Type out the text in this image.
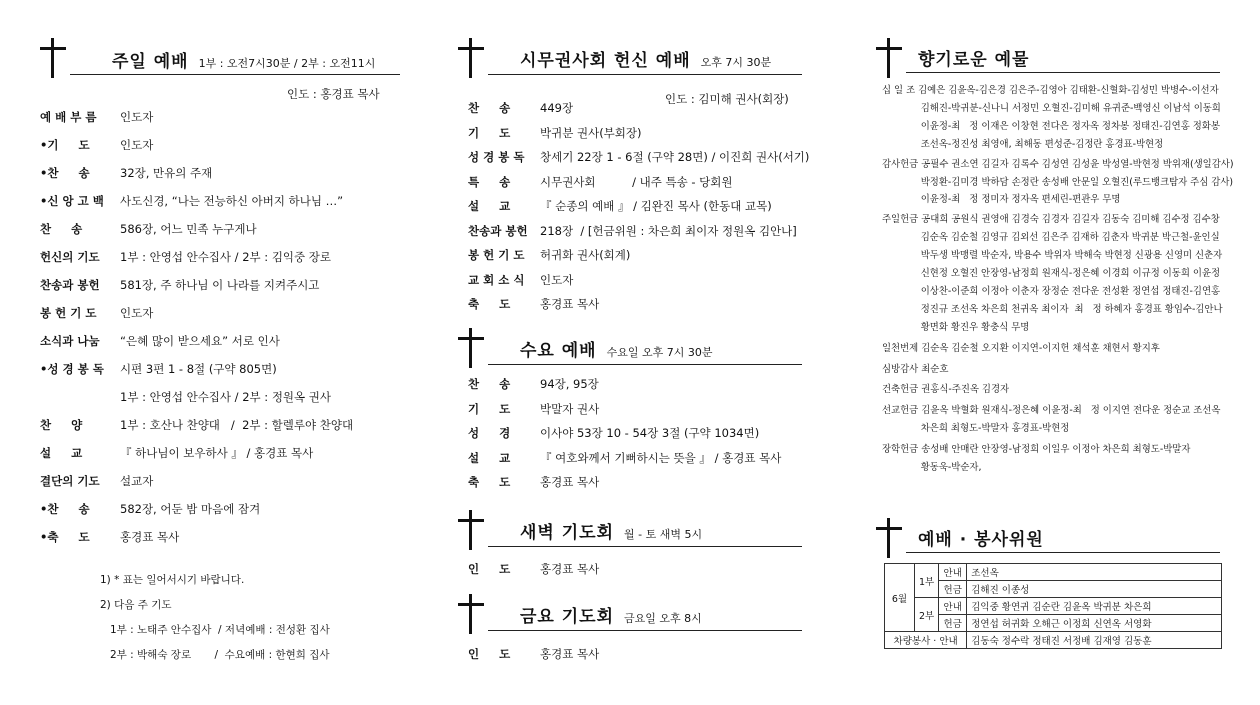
주일 예배 1부 : 오전7시30분 / 2부 : 오전11시
인도 : 홍경표 목사
예 배 부 름 인도자
•기     도	인도자
•찬     송	32장, 만유의 주재
•신 앙 고 백 사도신경, “나는 전능하신 아버지 하나님 …”
찬     송	586장, 어느 민족 누구게나
헌신의 기도 1부 : 안영섭 안수집사 / 2부 : 김익중 장로
찬송과 봉헌 581장, 주 하나님 이 나라를 지켜주시고
봉 헌 기 도 인도자
소식과 나눔 “은혜 많이 받으세요” 서로 인사
•성 경 봉 독 시편 3편 1 - 8절 (구약 805면)
1부 : 안영섭 안수집사 / 2부 : 정원옥 권사
찬     양	1부 : 호산나 찬양대   /  2부 : 할렐루야 찬양대
설     교	『 하나님이 보우하사 』 / 홍경표 목사
결단의 기도 설교자
•찬     송	582장, 어둔 밤 마음에 잠겨
•축     도	홍경표 목사
1) * 표는 일어서시기 바랍니다.
2) 다음 주 기도
1부 : 노태주 안수집사  / 저녁예배 : 전성환 집사
2부 : 박해숙 장로       /  수요예배 : 한현희 집사
시무권사회 헌신 예배 오후 7시 30분
인도 : 김미해 권사(회장)
찬     송	449장
기     도	박귀분 권사(부회장)
성 경 봉 독 창세기 22장 1 - 6절 (구약 28면) / 이진희 권사(서기)
특     송	시무권사회          / 내주 특송 - 당회원
설     교	『 순종의 예배 』 / 김완진 목사 (한동대 교목)
찬송과 봉헌 218장  / [헌금위원 : 차은희 최이자 정원옥 김안나]
봉 헌 기 도 허귀화 권사(회계)
교 회 소 식 인도자
축     도	홍경표 목사
수요 예배 수요일 오후 7시 30분
찬     송	94장, 95장
기     도	박말자 권사
성     경	이사야 53장 10 - 54장 3절 (구약 1034면)
설     교	『 여호와께서 기뻐하시는 뜻을 』 / 홍경표 목사
축     도	홍경표 목사
새벽 기도회 월 - 토 새벽 5시
인     도	홍경표 목사
금요 기도회 금요일 오후 8시
인     도	홍경표 목사
향기로운 예물
십 일 조 김예은 김윤옥-김은경 김은주-김영아 김태환-신혈화-김성민 박병수-이선자
김해진-박귀분-신나니 서정민 오혈진-김미해 유귀준-백영신 이남석 이동희
이윤정-최   정 이재은 이창현 전다은 정자옥 정차봉 정태진-김연홍 정화봉
조선옥-정진성 최영애, 최해동 편성준-김정란 홍경표-박현정
감사헌금 공필수 권소연 김길자 김록수 김성연 김성윤 박성열-박현정 박위재(생일감사)
박정환-김미경 박하담 손정란 송성배 안문일 오혈진(루드뱅크탐자 주심 감사)
이윤정-최   정 정미자 정자옥 편세린-편관우 무명
주일헌금 공대희 공원식 권영애 김경숙 김경자 김길자 김동숙 김미해 김수정 김수창
김순옥 김순철 김영규 김외선 김은주 김재하 김춘자 박귀분 박근철-윤인실
박두생 박맹렬 박순자, 박용수 박위자 박해숙 박현정 신광용 신영미 신춘자
신현정 오혈진 안장영-남정희 원재식-정은혜 이경희 이규정 이동희 이윤정
이상찬-이준희 이정아 이춘자 장정순 전다운 전성환 정연섭 정태진-김연홍
정진규 조선옥 차은희 천귀옥 최이자  최   정 하혜자 홍경표 황임수-김안나
황면화 황진우 황충식 무명
일천번제 김순옥 김순철 오지환 이지연-이지헌 채석훈 채현서 황지후
심방감사 최순호
건축헌금 권홍식-주진옥 김경자
선교헌금 김윤옥 박혈화 원재식-정은혜 이윤정-최   정 이지연 전다운 정순교 조선옥
차은희 최형도-박말자 홍경표-박현정
장학헌금 송성배 안매란 안장영-남정희 이일우 이정아 차은희 최형도-박말자
황동욱-박순자,
예배 · 봉사위원
6월	1부	안내	조선옥
		헌금	김해진 이종성
	2부	안내	김익중 황연귀 김순란 김윤옥 박귀분 차은희
		헌금	정연섭 허귀화 오해근 이정희 신연옥 서영화
차량봉사 · 안내			김동숙 정수락 정태진 서정배 김재영 김동훈
